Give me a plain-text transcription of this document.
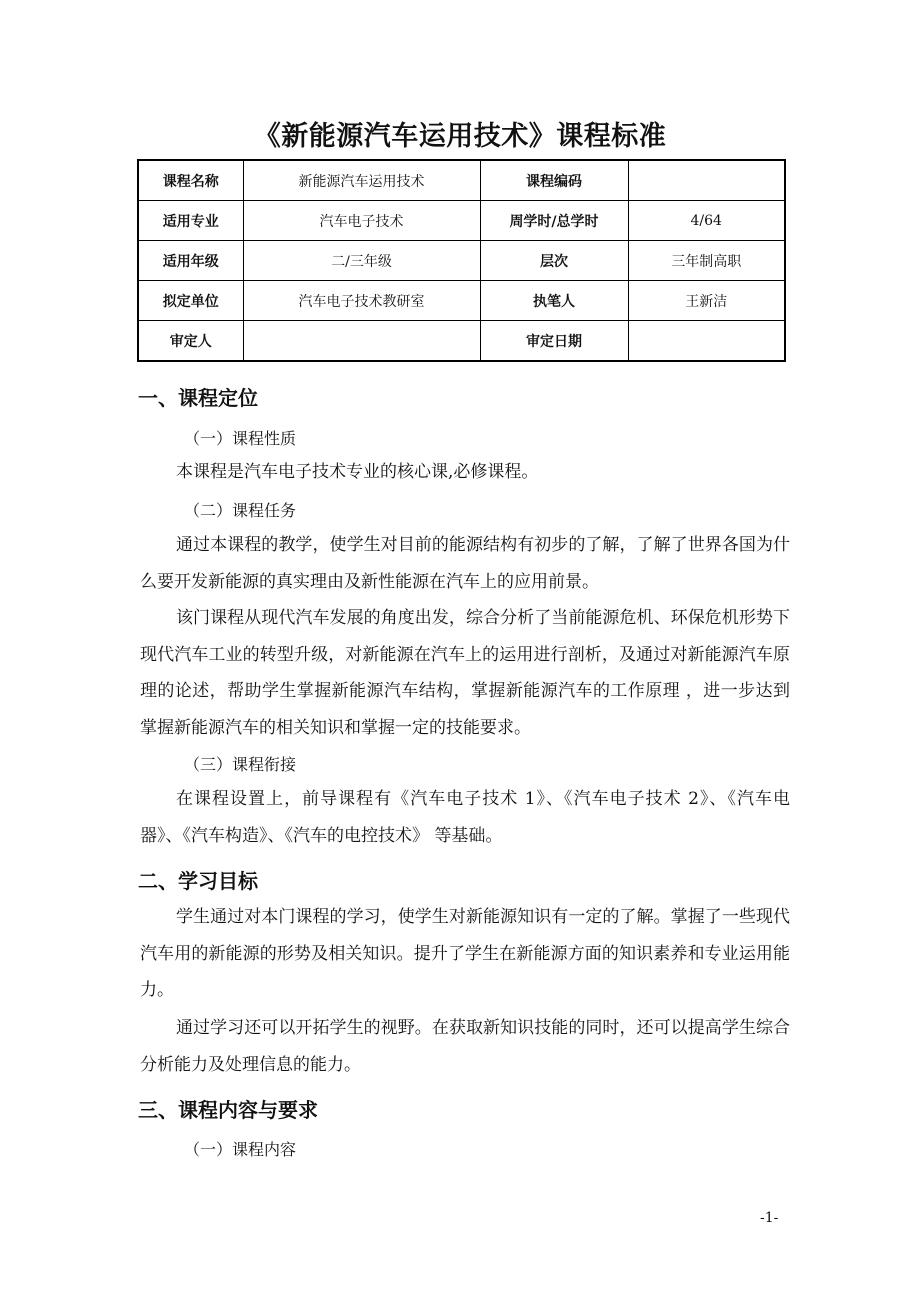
《新能源汽车运用技术》课程标准
课程名称	新能源汽车运用技术	课程编码	
适用专业	汽车电子技术	周学时/总学时	4/64
适用年级	二/三年级	层次	三年制高职
拟定单位	汽车电子技术教研室	执笔人	王新洁
审定人		审定日期	
一、课程定位
（一）课程性质
本课程是汽车电子技术专业的核心课,必修课程。
（二）课程任务
通过本课程的教学，使学生对目前的能源结构有初步的了解，了解了世界各国为什么要开发新能源的真实理由及新性能源在汽车上的应用前景。
该门课程从现代汽车发展的角度出发，综合分析了当前能源危机、环保危机形势下现代汽车工业的转型升级，对新能源在汽车上的运用进行剖析，及通过对新能源汽车原理的论述，帮助学生掌握新能源汽车结构，掌握新能源汽车的工作原理 ，进一步达到掌握新能源汽车的相关知识和掌握一定的技能要求。
（三）课程衔接
在课程设置上，前导课程有《汽车电子技术 1》、《汽车电子技术 2》、《汽车电器》、《汽车构造》、《汽车的电控技术》 等基础。
二、学习目标
学生通过对本门课程的学习，使学生对新能源知识有一定的了解。掌握了一些现代汽车用的新能源的形势及相关知识。提升了学生在新能源方面的知识素养和专业运用能力。
通过学习还可以开拓学生的视野。在获取新知识技能的同时，还可以提高学生综合分析能力及处理信息的能力。
三、课程内容与要求
（一）课程内容
-1-
